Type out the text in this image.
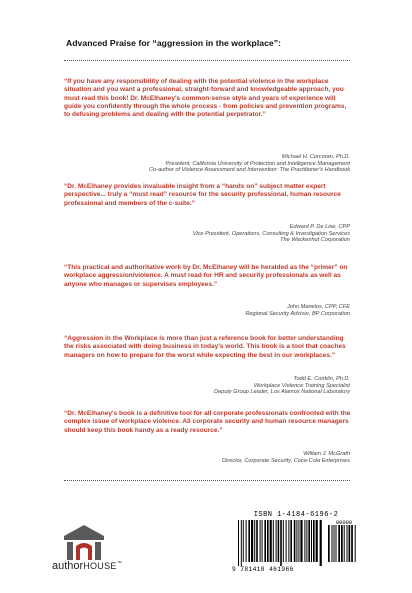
Advanced Praise for “aggression in the workplace”:

“If you have any responsibility of dealing with the potential violence in the workplace situation and you want a professional, straight-forward and knowledgeable approach, you must read this book! Dr. McElhaney's common-sense style and years of experience will guide you confidently through the whole process - from policies and prevention programs, to defusing problems and dealing with the potential perpetrator.”

Michael H. Corcoran, Ph.D.
President, California University of Protection and Intelligence Management
Co-author of Violence Assessment and Intervention: The Practitioner's Handbook

“Dr. McElhaney provides invaluable insight from a “hands on” subject matter expert perspective... truly a “must read” resource for the security professional, human resource professional and members of the c-suite.”

Edward P. De Lise, CPP
Vice President, Operations, Consulting & Investigation Services
The Wackenhut Corporation

“This practical and authoritative work by Dr. McElhaney will be heralded as the “primer” on workplace aggression/violence. A must read for HR and security professionals as well as anyone who manages or supervises employees.”

John Manelos, CPP, CFE
Regional Security Advisor, BP Corporation

“Aggression in the Workplace is more than just a reference book for better understanding the risks associated with doing business in today's world. This book is a tool that coaches managers on how to prepare for the worst while expecting the best in our workplaces.”

Todd E. Conklin, Ph.D.
Workplace Violence Training Specialist
Deputy Group Leader, Los Alamos National Laboratory

“Dr. McElhaney's book is a definitive tool for all corporate professionals confronted with the complex issue of workplace violence. All corporate security and human resource managers should keep this book handy as a ready resource.”

William J. McGrath
Director, Corporate Security, Coca-Cola Enterprises
ISBN 1-4184-6196-2
90000
9 781418 461966
authorHOUSE™
